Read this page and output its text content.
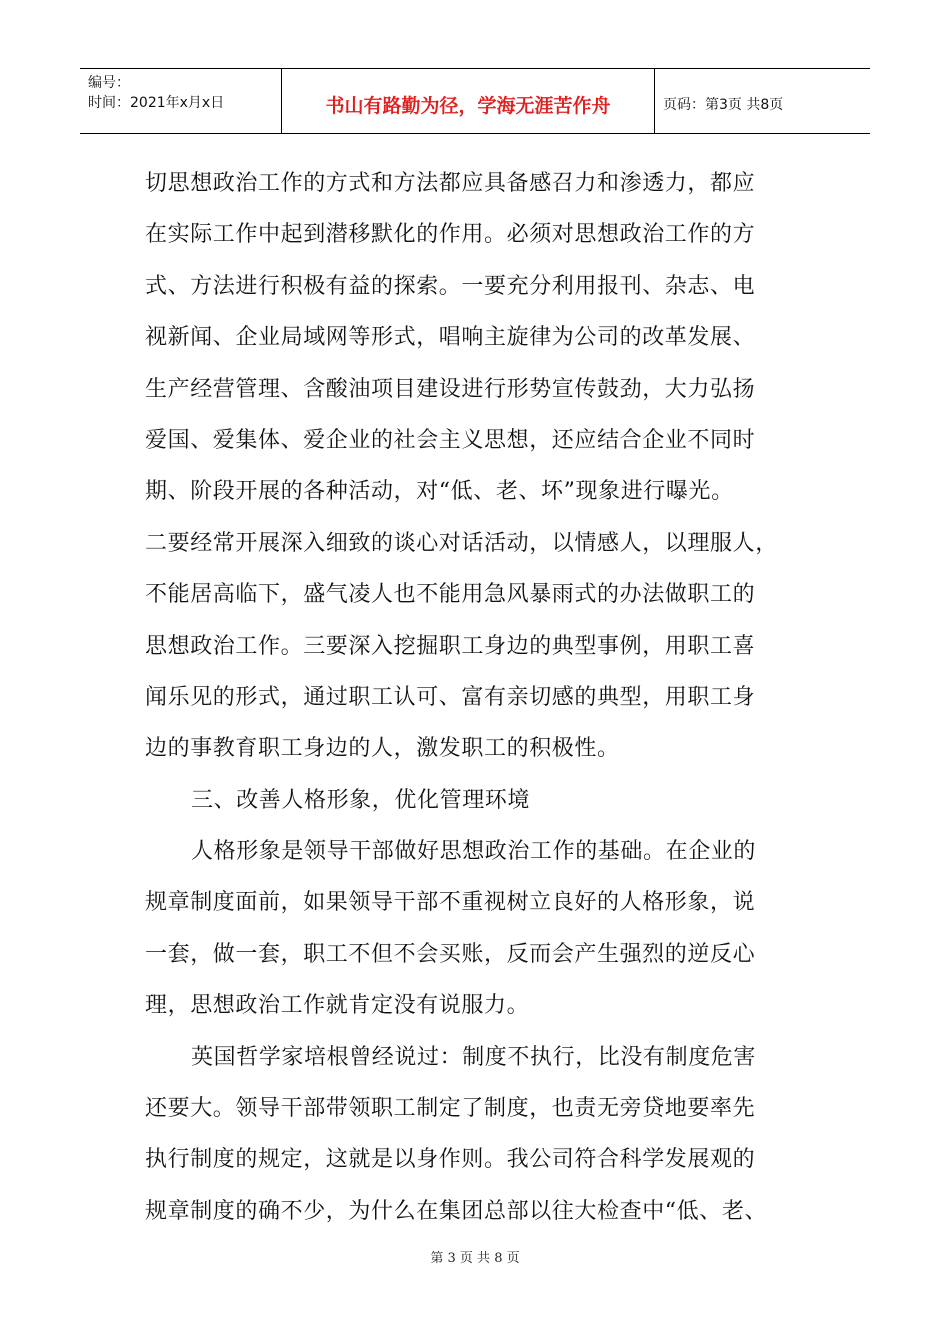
编号：
时间：2021年x月x日	书山有路勤为径，学海无涯苦作舟	页码：第3页 共8页
切思想政治工作的方式和方法都应具备感召力和渗透力，都应
在实际工作中起到潜移默化的作用。必须对思想政治工作的方
式、方法进行积极有益的探索。一要充分利用报刊、杂志、电
视新闻、企业局域网等形式，唱响主旋律为公司的改革发展、
生产经营管理、含酸油项目建设进行形势宣传鼓劲，大力弘扬
爱国、爱集体、爱企业的社会主义思想，还应结合企业不同时
期、阶段开展的各种活动，对“低、老、坏”现象进行曝光。
二要经常开展深入细致的谈心对话活动，以情感人，以理服人，
不能居高临下，盛气凌人也不能用急风暴雨式的办法做职工的
思想政治工作。三要深入挖掘职工身边的典型事例，用职工喜
闻乐见的形式，通过职工认可、富有亲切感的典型，用职工身
边的事教育职工身边的人，激发职工的积极性。
三、改善人格形象，优化管理环境
人格形象是领导干部做好思想政治工作的基础。在企业的
规章制度面前，如果领导干部不重视树立良好的人格形象，说
一套，做一套，职工不但不会买账，反而会产生强烈的逆反心
理，思想政治工作就肯定没有说服力。
英国哲学家培根曾经说过：制度不执行，比没有制度危害
还要大。领导干部带领职工制定了制度，也责无旁贷地要率先
执行制度的规定，这就是以身作则。我公司符合科学发展观的
规章制度的确不少，为什么在集团总部以往大检查中“低、老、
第 3 页 共 8 页
